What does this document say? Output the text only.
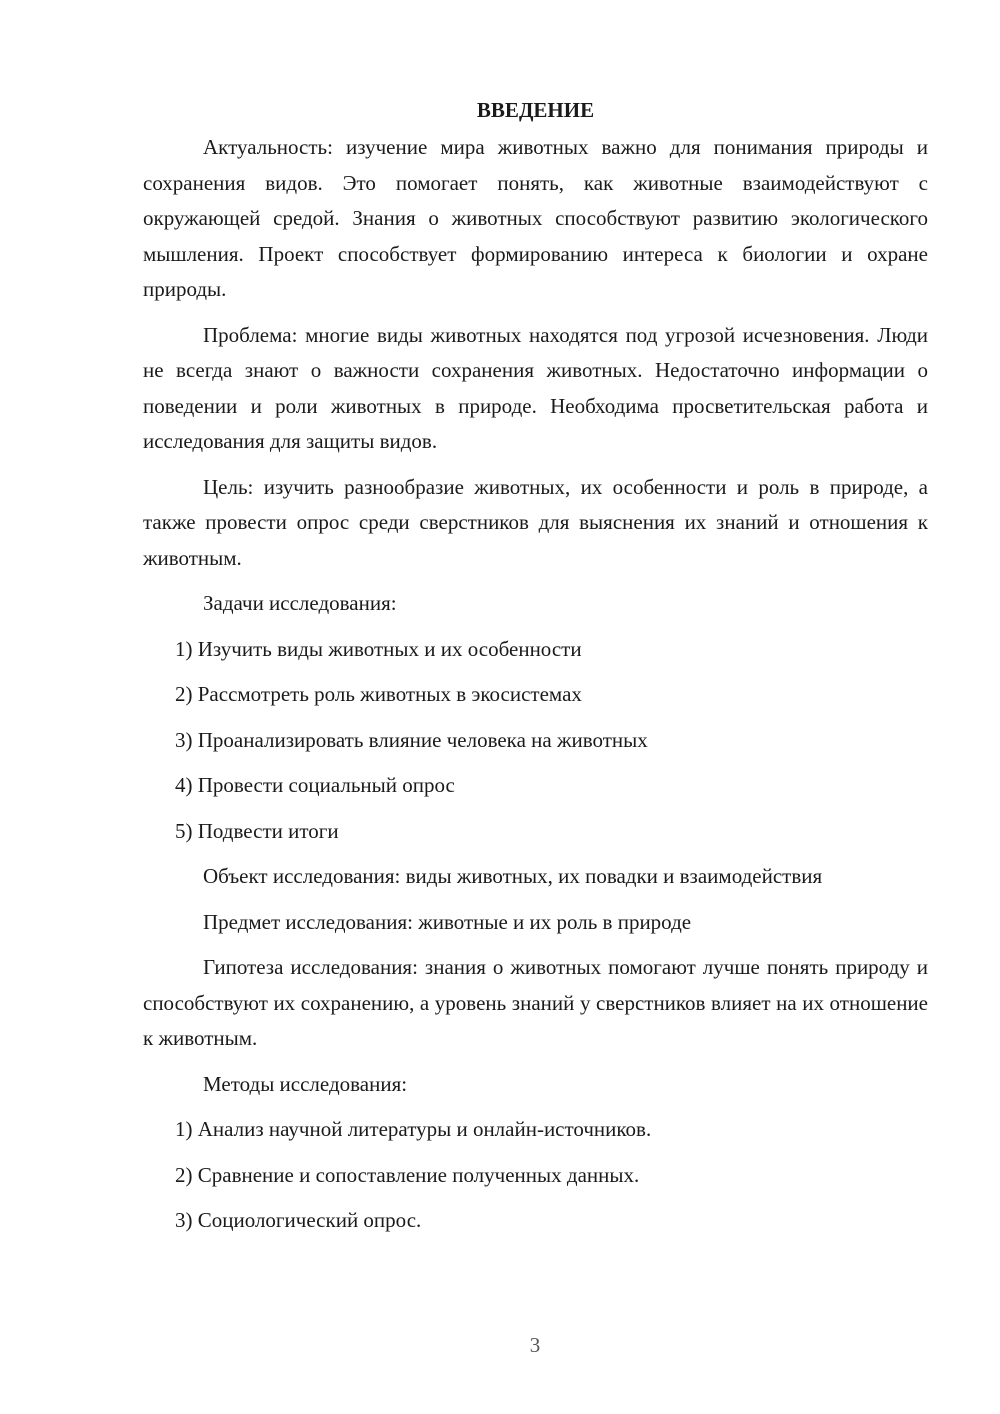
ВВЕДЕНИЕ

Актуальность: изучение мира животных важно для понимания природы и сохранения видов. Это помогает понять, как животные взаимодействуют с окружающей средой. Знания о животных способствуют развитию экологического мышления. Проект способствует формированию интереса к биологии и охране природы.

Проблема: многие виды животных находятся под угрозой исчезновения. Люди не всегда знают о важности сохранения животных. Недостаточно информации о поведении и роли животных в природе. Необходима просветительская работа и исследования для защиты видов.

Цель: изучить разнообразие животных, их особенности и роль в природе, а также провести опрос среди сверстников для выяснения их знаний и отношения к животным.

Задачи исследования:

1) Изучить виды животных и их особенности
2) Рассмотреть роль животных в экосистемах
3) Проанализировать влияние человека на животных
4) Провести социальный опрос
5) Подвести итоги

Объект исследования: виды животных, их повадки и взаимодействия

Предмет исследования: животные и их роль в природе

Гипотеза исследования: знания о животных помогают лучше понять природу и способствуют их сохранению, а уровень знаний у сверстников влияет на их отношение к животным.

Методы исследования:

1) Анализ научной литературы и онлайн-источников.
2) Сравнение и сопоставление полученных данных.
3) Социологический опрос.
3
